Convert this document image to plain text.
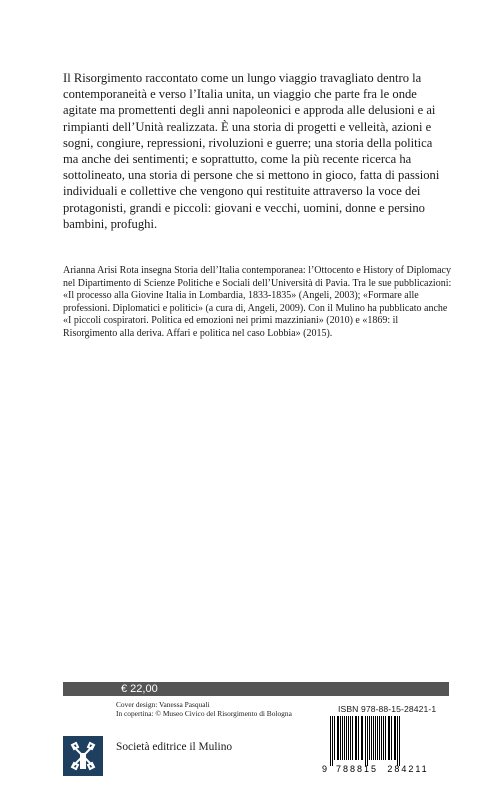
Il Risorgimento raccontato come un lungo viaggio travagliato dentro la contemporaneità e verso l’Italia unita, un viaggio che parte fra le onde agitate ma promettenti degli anni napoleonici e approda alle delusioni e ai rimpianti dell’Unità realizzata. È una storia di progetti e velleità, azioni e sogni, congiure, repressioni, rivoluzioni e guerre; una storia della politica ma anche dei sentimenti; e soprattutto, come la più recente ricerca ha sottolineato, una storia di persone che si mettono in gioco, fatta di passioni individuali e collettive che vengono qui restituite attraverso la voce dei protagonisti, grandi e piccoli: giovani e vecchi, uomini, donne e persino bambini, profughi.

Arianna Arisi Rota insegna Storia dell’Italia contemporanea: l’Ottocento e History of Diplomacy nel Dipartimento di Scienze Politiche e Sociali dell’Università di Pavia. Tra le sue pubblicazioni: «Il processo alla Giovine Italia in Lombardia, 1833-1835» (Angeli, 2003); «Formare alle professioni. Diplomatici e politici» (a cura di, Angeli, 2009). Con il Mulino ha pubblicato anche «I piccoli cospiratori. Politica ed emozioni nei primi mazziniani» (2010) e «1869: il Risorgimento alla deriva. Affari e politica nel caso Lobbia» (2015).

€ 22,00
Cover design: Vanessa Pasquali
In copertina: © Museo Civico del Risorgimento di Bologna	ISBN 978-88-15-28421-1
9 788815 284211
Società editrice il Mulino
